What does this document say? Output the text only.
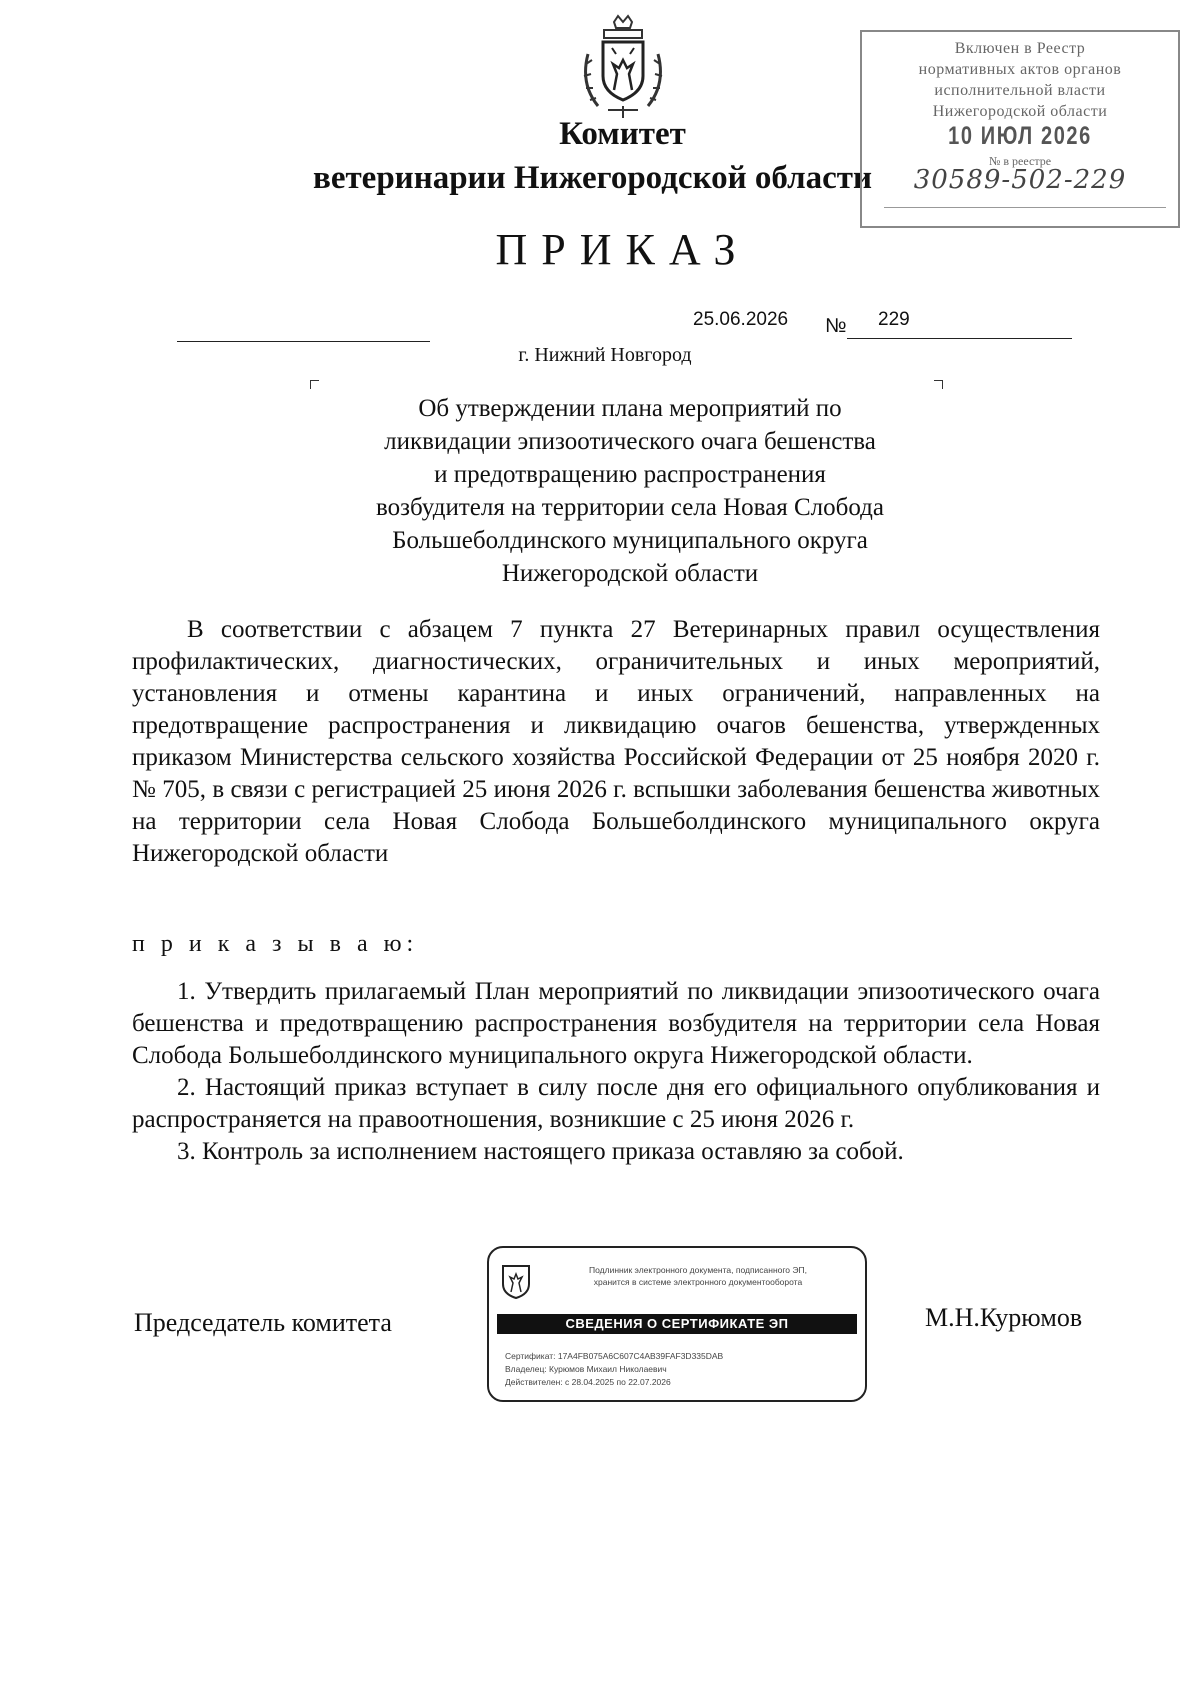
Комитет
ветеринарии Нижегородской области
ПРИКАЗ
Включен в Реестр
нормативных актов органов
исполнительной власти
Нижегородской области
10 ИЮЛ 2026
№ в реестре
30589-502-229
25.06.2026 № 229
г. Нижний Новгород
Об утверждении плана мероприятий по
ликвидации эпизоотического очага бешенства
и предотвращению распространения
возбудителя на территории села Новая Слобода
Большеболдинского муниципального округа
Нижегородской области
В соответствии с абзацем 7 пункта 27 Ветеринарных правил осуществления профилактических, диагностических, ограничительных и иных мероприятий, установления и отмены карантина и иных ограничений, направленных на предотвращение распространения и ликвидацию очагов бешенства, утвержденных приказом Министерства сельского хозяйства Российской Федерации от 25 ноября 2020 г. № 705, в связи с регистрацией 25 июня 2026 г. вспышки заболевания бешенства животных на территории села Новая Слобода Большеболдинского муниципального округа Нижегородской области
п р и к а з ы в а ю:

1. Утвердить прилагаемый План мероприятий по ликвидации эпизоотического очага бешенства и предотвращению распространения возбудителя на территории села Новая Слобода Большеболдинского муниципального округа Нижегородской области.

2. Настоящий приказ вступает в силу после дня его официального опубликования и распространяется на правоотношения, возникшие с 25 июня 2026 г.

3. Контроль за исполнением настоящего приказа оставляю за собой.

Председатель комитета	М.Н.Курюмов
Подлинник электронного документа, подписанного ЭП,
хранится в системе электронного документооборота
СВЕДЕНИЯ О СЕРТИФИКАТЕ ЭП
Сертификат: 17A4FB075A6C607C4AB39FAF3D335DAB
Владелец: Курюмов Михаил Николаевич
Действителен: с 28.04.2025 по 22.07.2026
